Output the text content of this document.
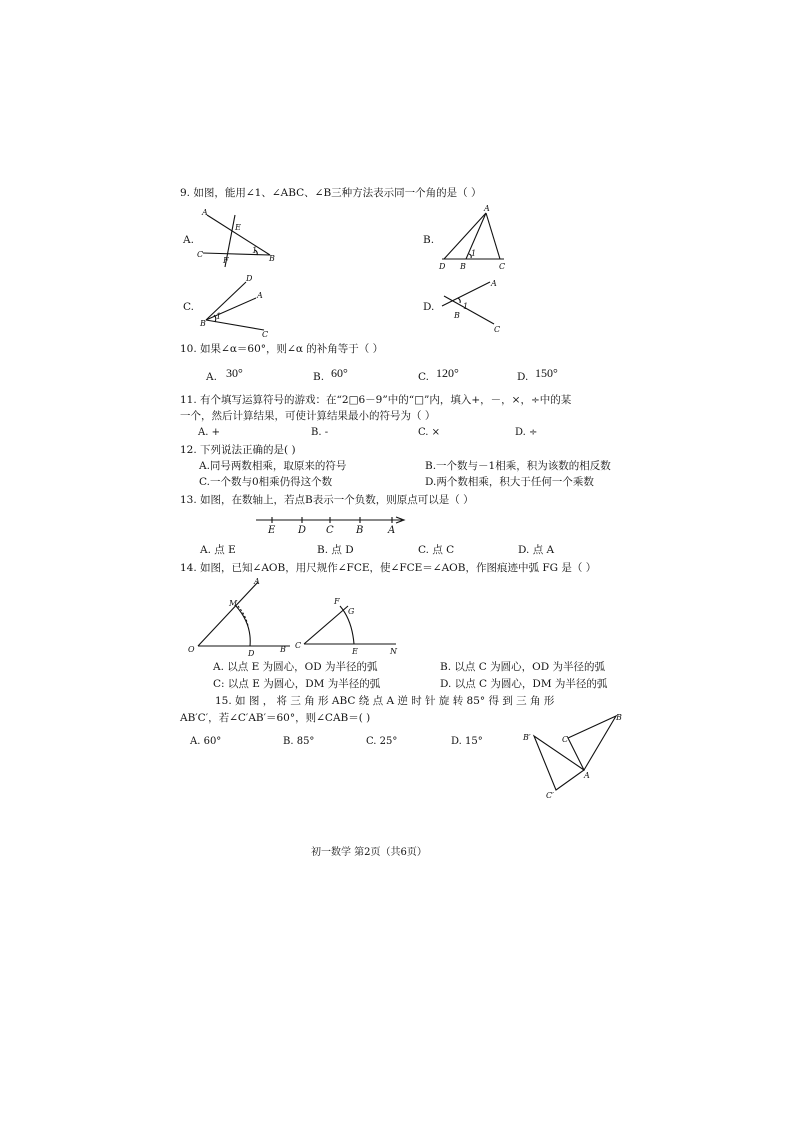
9. 如图，能用∠1、∠ABC、∠B三种方法表示同一个角的是（ ）
A.	B.
C.	D.
A
E
C
F
1
B
A
D B
1
C
D
A
B
1
C
A
B
1
C
10. 如果∠α＝60°，则∠α 的补角等于（ ）
A. 30°	B. 60°	C. 120°	D. 150°
11. 有个填写运算符号的游戏：在“2□6－9”中的“□”内，填入+，－，×，÷中的某
一个，然后计算结果，可使计算结果最小的符号为（ ）
A. +	B. -	C. ×	D. ÷
12. 下列说法正确的是( )
A.同号两数相乘，取原来的符号	B.一个数与－1相乘，积为该数的相反数
C.一个数与0相乘仍得这个数	D.两个数相乘，积大于任何一个乘数
13. 如图，在数轴上，若点B表示一个负数，则原点可以是（ ）
E D C B A
A. 点 E	B. 点 D	C. 点 C	D. 点 A
14. 如图，已知∠AOB，用尺规作∠FCE，使∠FCE＝∠AOB，作图痕迹中弧 FG 是（ ）
A
M
O	D	B
F
G
C
E	N
A. 以点 E 为圆心，OD 为半径的弧	B. 以点 C 为圆心，OD 为半径的弧
C: 以点 E 为圆心，DM 为半径的弧	D. 以点 C 为圆心，DM 为半径的弧
15. 如 图 ， 将 三 角 形 ABC 绕 点 A 逆 时 针 旋 转 85° 得 到 三 角 形
AB′C′，若∠C′AB′＝60°，则∠CAB＝( )
A. 60°	B. 85°	C. 25°	D. 15°
B
C
B′
A
C′
初一数学 第2页（共6页）
